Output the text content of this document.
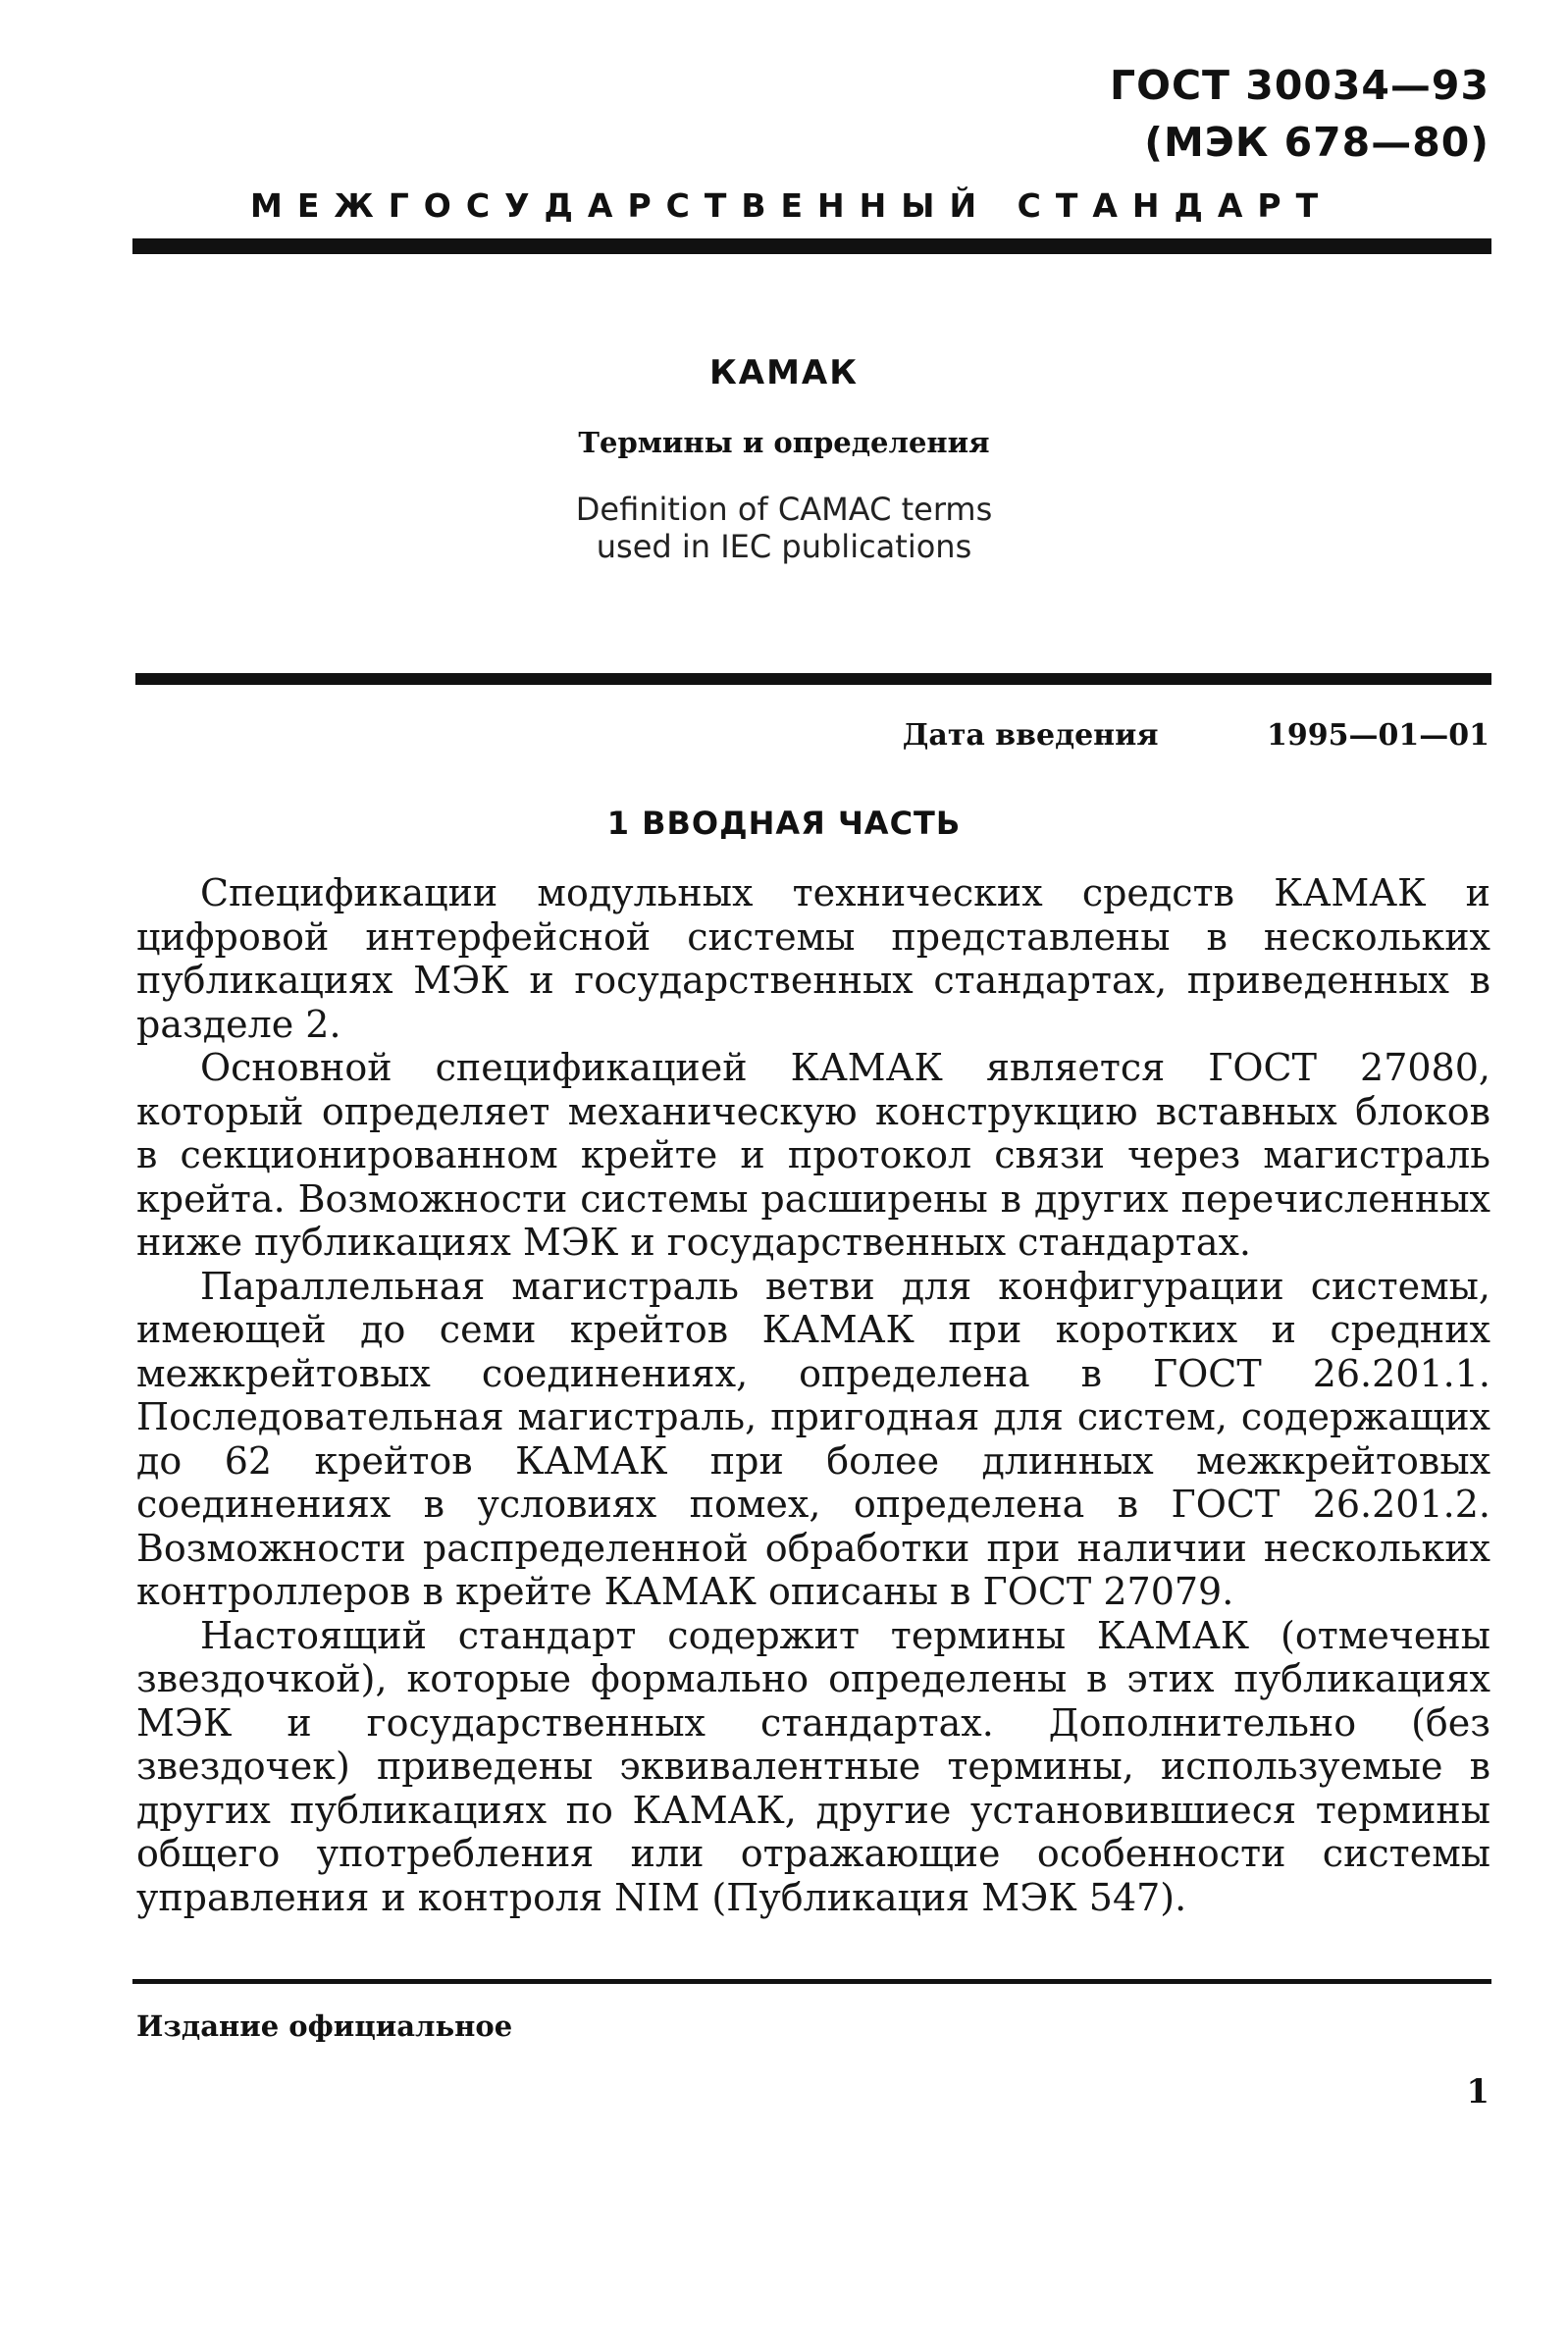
ГОСТ 30034—93
(МЭК 678—80)
МЕЖГОСУДАРСТВЕННЫЙ СТАНДАРТ
КАМАК
Термины и определения
Definition of CAMAC terms
used in IEC publications
Дата введения	1995—01—01
1 ВВОДНАЯ ЧАСТЬ

Спецификации модульных технических средств КАМАК и цифровой интерфейсной системы представлены в нескольких публикациях МЭК и государственных стандартах, приведенных в разделе 2.

Основной спецификацией КАМАК является ГОСТ 27080, который определяет механическую конструкцию вставных блоков в секционированном крейте и протокол связи через магистраль крейта. Возможности системы расширены в других перечисленных ниже публикациях МЭК и государственных стандартах.

Параллельная магистраль ветви для конфигурации системы, имеющей до семи крейтов КАМАК при коротких и средних межкрейтовых соединениях, определена в ГОСТ 26.201.1. Последовательная магистраль, пригодная для систем, содержащих до 62 крейтов КАМАК при более длинных межкрейтовых соединениях в условиях помех, определена в ГОСТ 26.201.2. Возможности распределенной обработки при наличии нескольких контроллеров в крейте КАМАК описаны в ГОСТ 27079.

Настоящий стандарт содержит термины КАМАК (отмечены звездочкой), которые формально определены в этих публикациях МЭК и государственных стандартах. Дополнительно (без звездочек) приведены эквивалентные термины, используемые в других публикациях по КАМАК, другие установившиеся термины общего употребления или отражающие особенности системы управления и контроля NIM (Публикация МЭК 547).

Издание официальное
1
